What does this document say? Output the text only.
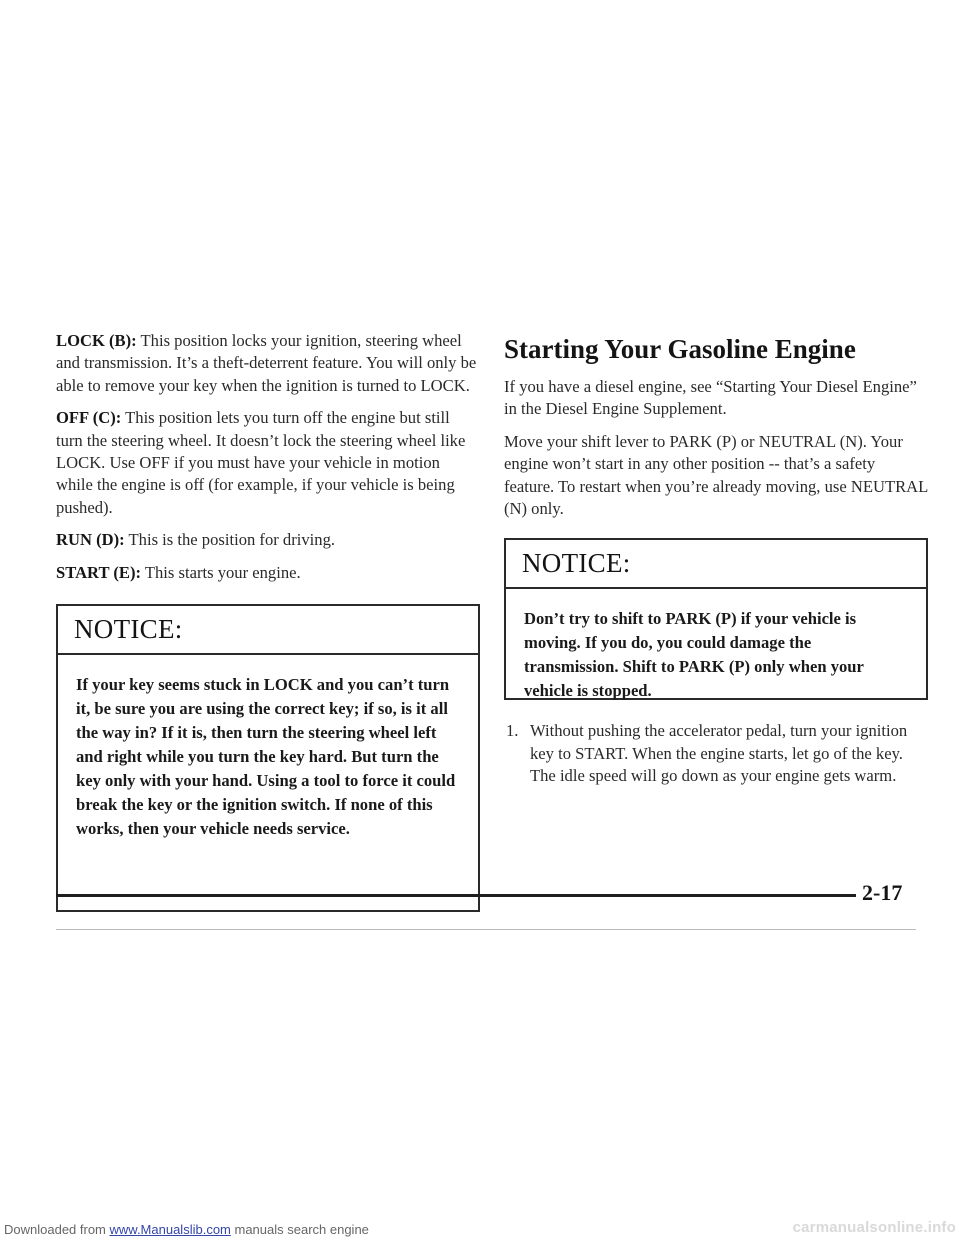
LOCK (B): This position locks your ignition, steering wheel and transmission. It’s a theft-deterrent feature. You will only be able to remove your key when the ignition is turned to LOCK.

OFF (C): This position lets you turn off the engine but still turn the steering wheel. It doesn’t lock the steering wheel like LOCK. Use OFF if you must have your vehicle in motion while the engine is off (for example, if your vehicle is being pushed).

RUN (D): This is the position for driving.

START (E): This starts your engine.

NOTICE:
If your key seems stuck in LOCK and you can’t turn it, be sure you are using the correct key; if so, is it all the way in? If it is, then turn the steering wheel left and right while you turn the key hard. But turn the key only with your hand. Using a tool to force it could break the key or the ignition switch. If none of this works, then your vehicle needs service.
Starting Your Gasoline Engine

If you have a diesel engine, see “Starting Your Diesel Engine” in the Diesel Engine Supplement.

Move your shift lever to PARK (P) or NEUTRAL (N). Your engine won’t start in any other position -- that’s a safety feature. To restart when you’re already moving, use NEUTRAL (N) only.

NOTICE:
Don’t try to shift to PARK (P) if your vehicle is moving. If you do, you could damage the transmission. Shift to PARK (P) only when your vehicle is stopped.
1. Without pushing the accelerator pedal, turn your ignition key to START. When the engine starts, let go of the key. The idle speed will go down as your engine gets warm.
2-17
Downloaded from www.Manualslib.com manuals search engine	carmanualsonline.info
